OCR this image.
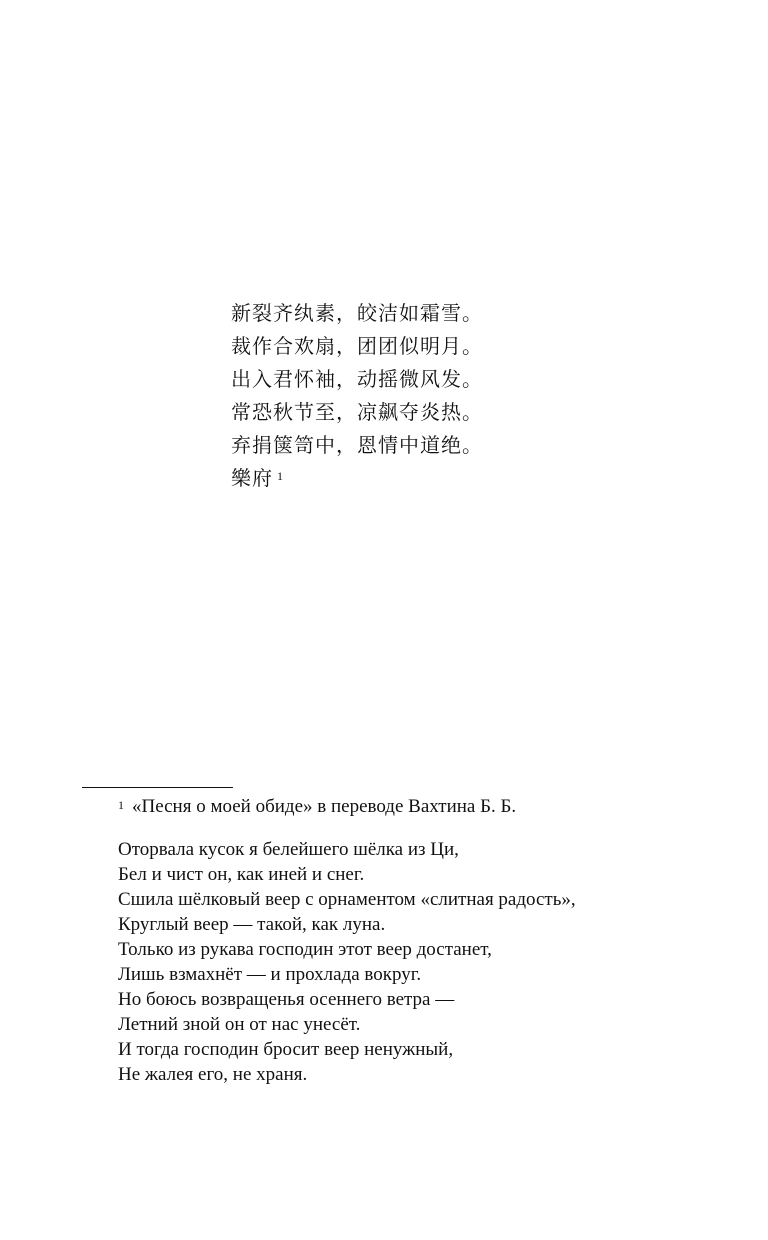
新裂齐纨素，皎洁如霜雪。
裁作合欢扇，团团似明月。
出入君怀袖，动摇微风发。
常恐秋节至，凉飙夺炎热。
弃捐箧笥中，恩情中道绝。
樂府 $^1$
$^1$ «Песня о моей обиде» в переводе Вахтина Б. Б.
Оторвала кусок я белейшего шёлка из Ци,
Бел и чист он, как иней и снег.
Сшила шёлковый веер с орнаментом «слитная радость»,
Круглый веер — такой, как луна.
Только из рукава господин этот веер достанет,
Лишь взмахнёт — и прохлада вокруг.
Но боюсь возвращенья осеннего ветра —
Летний зной он от нас унесёт.
И тогда господин бросит веер ненужный,
Не жалея его, не храня.
